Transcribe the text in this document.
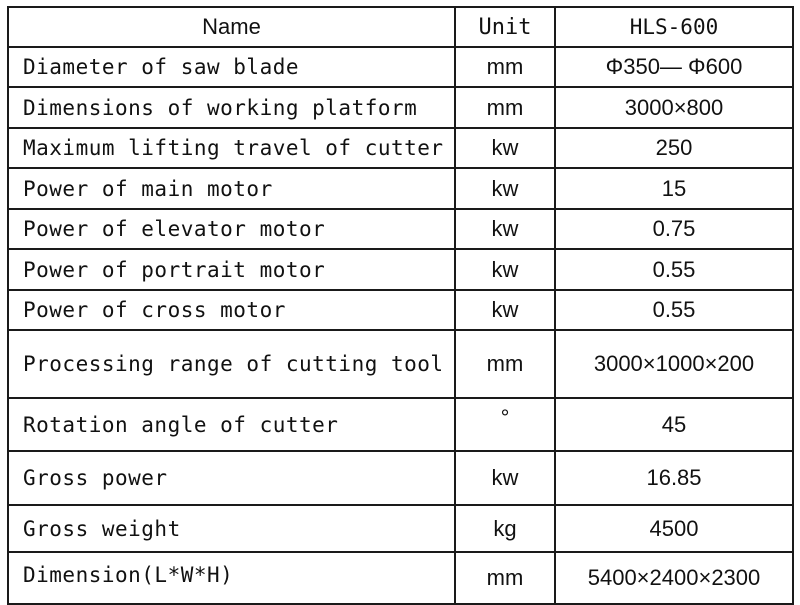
Name	Unit	HLS-600
Diameter of saw blade	mm	Φ350— Φ600
Dimensions of working platform	mm	3000×800
Maximum lifting travel of cutter	kw	250
Power of main motor	kw	15
Power of elevator motor	kw	0.75
Power of portrait motor	kw	0.55
Power of cross motor	kw	0.55
Processing range of cutting tool	mm	3000×1000×200
Rotation angle of cutter	°	45
Gross power	kw	16.85
Gross weight	kg	4500
Dimension(L*W*H)	mm	5400×2400×2300
